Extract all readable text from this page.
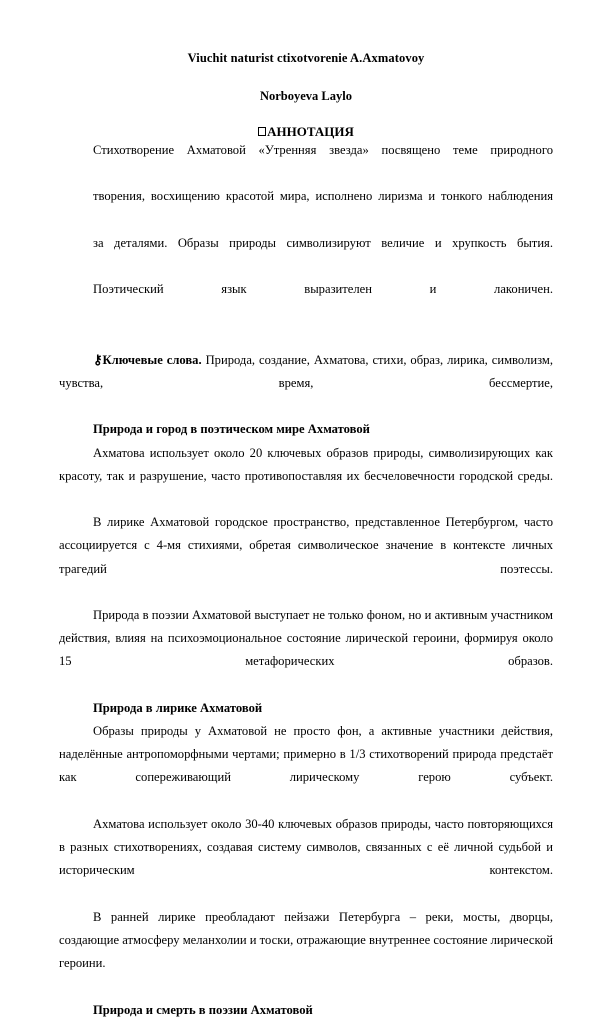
Viuchit naturist ctixotvorenie A.Axmatovoy
Norboyeva Laylo
АННОТАЦИЯ

Стихотворение Ахматовой «Утренняя звезда» посвящено теме природного
творения, восхищению красотой мира, исполнено лиризма и тонкого наблюдения
за деталями. Образы природы символизируют величие и хрупкость бытия.
Поэтический язык выразителен и лаконичен.

⚷Ключевые слова. Природа, создание, Ахматова, стихи, образ, лирика, символизм, чувства, время, бессмертие,

Природа и город в поэтическом мире Ахматовой

Ахматова использует около 20 ключевых образов природы, символизирующих как красоту, так и разрушение, часто противопоставляя их бесчеловечности городской среды.

В лирике Ахматовой городское пространство, представленное Петербургом, часто ассоциируется с 4-мя стихиями, обретая символическое значение в контексте личных трагедий поэтессы.

Природа в поэзии Ахматовой выступает не только фоном, но и активным участником действия, влияя на психоэмоциональное состояние лирической героини, формируя около 15 метафорических образов.

Природа в лирике Ахматовой

Образы природы у Ахматовой не просто фон, а активные участники действия, наделённые антропоморфными чертами; примерно в 1/3 стихотворений природа предстаёт как сопереживающий лирическому герою субъект.

Ахматова использует около 30-40 ключевых образов природы, часто повторяющихся в разных стихотворениях, создавая систему символов, связанных с её личной судьбой и историческим контекстом.

В ранней лирике преобладают пейзажи Петербурга – реки, мосты, дворцы, создающие атмосферу меланхолии и тоски, отражающие внутреннее состояние лирической героини.

Природа и смерть в поэзии Ахматовой
